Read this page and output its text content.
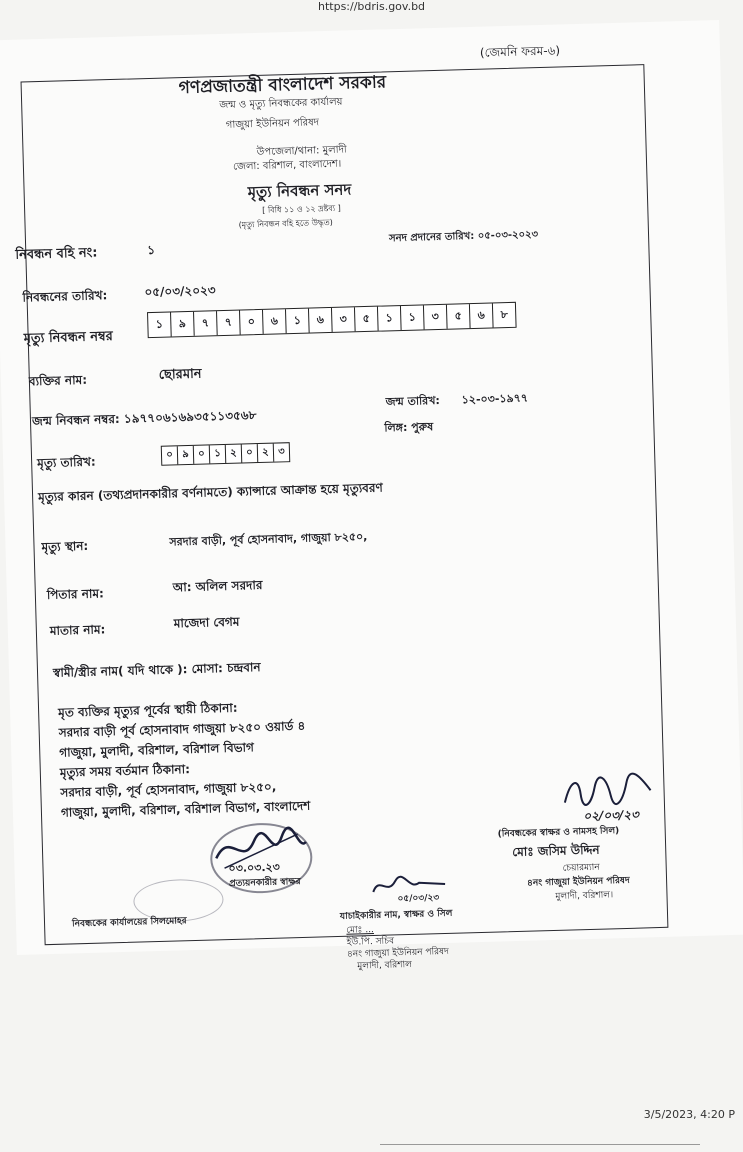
https://bdris.gov.bd
(জেমনি ফরম-৬)
গণপ্রজাতন্ত্রী বাংলাদেশ সরকার
জন্ম ও মৃত্যু নিবন্ধকের কার্যালয়
গাজুয়া ইউনিয়ন পরিষদ
উপজেলা/থানা: মুলাদী
জেলা: বরিশাল, বাংলাদেশ।
মৃত্যু নিবন্ধন সনদ
[ বিধি ১১ ও ১২ দ্রষ্টব্য ]
(মৃত্যু নিবন্ধন বহি হতে উদ্ধৃত)
নিবন্ধন বহি নং:	১
সনদ প্রদানের তারিখ: ০৫-০৩-২০২৩
নিবন্ধনের তারিখ:	০৫/০৩/২০২৩
মৃত্যু নিবন্ধন নম্বর
১	৯	৭	৭	০	৬	১	৬	৩	৫	১	১	৩	৫	৬	৮
ব্যক্তির নাম:	ছোরমান
জন্ম নিবন্ধন নম্বর: ১৯৭৭০৬১৬৯৩৫১১৩৫৬৮
জন্ম তারিখ: ১২-০৩-১৯৭৭
লিঙ্গ: পুরুষ
মৃত্যু তারিখ:	০ ৯ ০ ১ ২ ০ ২ ৩
মৃত্যুর কারন (তথ্যপ্রদানকারীর বর্ণনামতে) ক্যান্সারে আক্রান্ত হয়ে মৃত্যুবরণ
মৃত্যু স্থান:	সরদার বাড়ী, পূর্ব হোসনাবাদ, গাজুয়া ৮২৫০,
পিতার নাম:	আ: অলিল সরদার
মাতার নাম:	মাজেদা বেগম
স্বামী/স্ত্রীর নাম( যদি থাকে ): মোসা: চন্দ্রবান
মৃত ব্যক্তির মৃত্যুর পূর্বের স্থায়ী ঠিকানা:
সরদার বাড়ী পূর্ব হোসনাবাদ গাজুয়া ৮২৫০ ওয়ার্ড ৪
গাজুয়া, মুলাদী, বরিশাল, বরিশাল বিভাগ
মৃত্যুর সময় বর্তমান ঠিকানা:
সরদার বাড়ী, পূর্ব হোসনাবাদ, গাজুয়া ৮২৫০,
গাজুয়া, মুলাদী, বরিশাল, বরিশাল বিভাগ, বাংলাদেশ	০২/০৩/২৩
(নিবন্ধকের স্বাক্ষর ও নামসহ সিল)
মোঃ জসিম উদ্দিন
চেয়ারম্যান
৪নং গাজুয়া ইউনিয়ন পরিষদ
মুলাদী, বরিশাল।
০৩.০৩.২৩
প্রত্যয়নকারীর স্বাক্ষর
নিবন্ধকের কার্যালয়ের সিলমোহর
০৫/০৩/২৩
যাচাইকারীর নাম, স্বাক্ষর ও সিল
মোঃ ...
ইউ.পি. সচিব
৪নং গাজুয়া ইউনিয়ন পরিষদ
মুলাদী, বরিশাল
3/5/2023, 4:20 P
